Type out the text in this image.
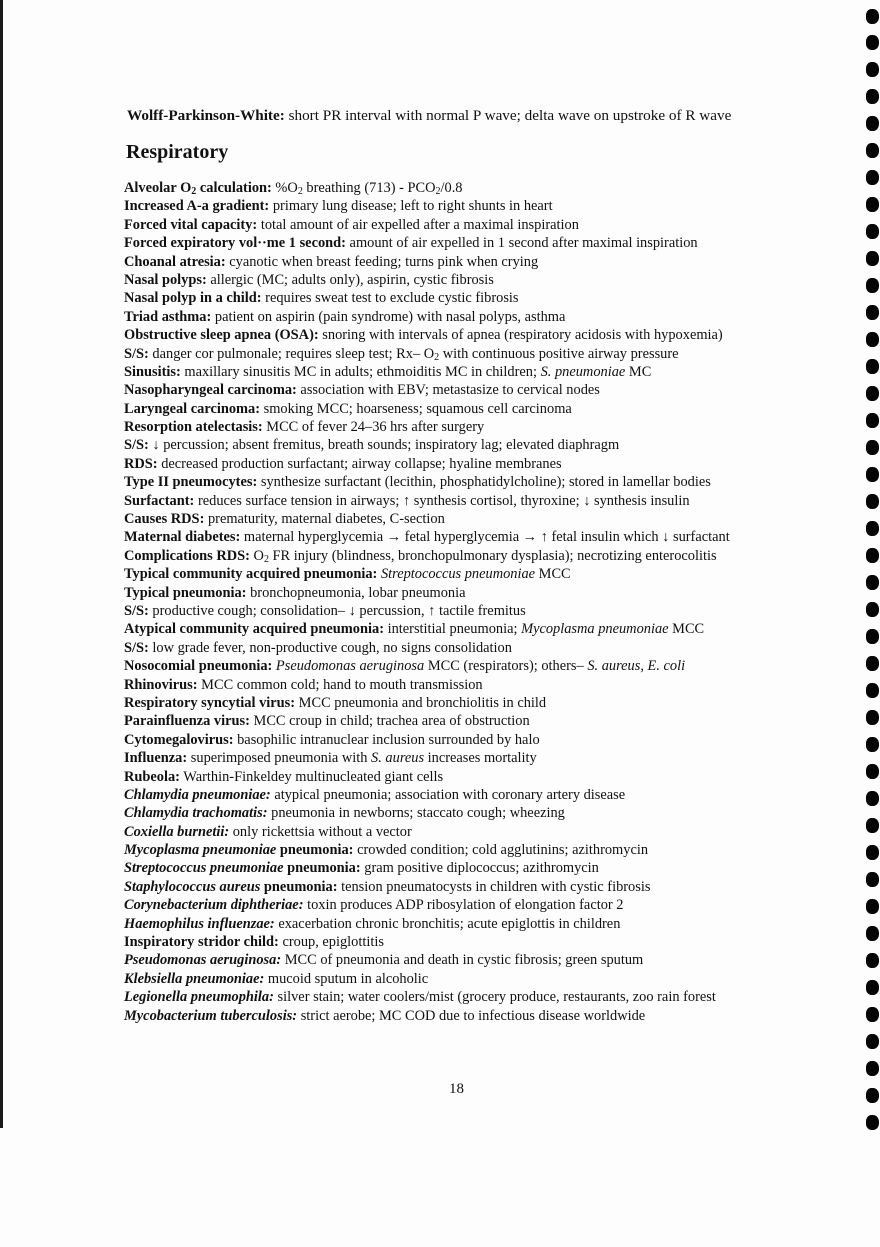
Wolff-Parkinson-White: short PR interval with normal P wave; delta wave on upstroke of R wave
Respiratory
Alveolar $O_2$ calculation: $\%O_2$ breathing $(713) - PCO_2/0.8$
Increased A-a gradient: primary lung disease; left to right shunts in heart
Forced vital capacity: total amount of air expelled after a maximal inspiration
Forced expiratory vol··me 1 second: amount of air expelled in 1 second after maximal inspiration
Choanal atresia: cyanotic when breast feeding; turns pink when crying
Nasal polyps: allergic (MC; adults only), aspirin, cystic fibrosis
Nasal polyp in a child: requires sweat test to exclude cystic fibrosis
Triad asthma: patient on aspirin (pain syndrome) with nasal polyps, asthma
Obstructive sleep apnea (OSA): snoring with intervals of apnea (respiratory acidosis with hypoxemia)
S/S: danger cor pulmonale; requires sleep test; Rx– $O_2$ with continuous positive airway pressure
Sinusitis: maxillary sinusitis MC in adults; ethmoiditis MC in children; S. pneumoniae MC
Nasopharyngeal carcinoma: association with EBV; metastasize to cervical nodes
Laryngeal carcinoma: smoking MCC; hoarseness; squamous cell carcinoma
Resorption atelectasis: MCC of fever 24–36 hrs after surgery
S/S: ↓ percussion; absent fremitus, breath sounds; inspiratory lag; elevated diaphragm
RDS: decreased production surfactant; airway collapse; hyaline membranes
Type II pneumocytes: synthesize surfactant (lecithin, phosphatidylcholine); stored in lamellar bodies
Surfactant: reduces surface tension in airways; ↑ synthesis cortisol, thyroxine; ↓ synthesis insulin
Causes RDS: prematurity, maternal diabetes, C-section
Maternal diabetes: maternal hyperglycemia → fetal hyperglycemia → ↑ fetal insulin which ↓ surfactant
Complications RDS: $O_2$ FR injury (blindness, bronchopulmonary dysplasia); necrotizing enterocolitis
Typical community acquired pneumonia: Streptococcus pneumoniae MCC
Typical pneumonia: bronchopneumonia, lobar pneumonia
S/S: productive cough; consolidation– ↓ percussion, ↑ tactile fremitus
Atypical community acquired pneumonia: interstitial pneumonia; Mycoplasma pneumoniae MCC
S/S: low grade fever, non-productive cough, no signs consolidation
Nosocomial pneumonia: Pseudomonas aeruginosa MCC (respirators); others– S. aureus, E. coli
Rhinovirus: MCC common cold; hand to mouth transmission
Respiratory syncytial virus: MCC pneumonia and bronchiolitis in child
Parainfluenza virus: MCC croup in child; trachea area of obstruction
Cytomegalovirus: basophilic intranuclear inclusion surrounded by halo
Influenza: superimposed pneumonia with S. aureus increases mortality
Rubeola: Warthin-Finkeldey multinucleated giant cells
Chlamydia pneumoniae: atypical pneumonia; association with coronary artery disease
Chlamydia trachomatis: pneumonia in newborns; staccato cough; wheezing
Coxiella burnetii: only rickettsia without a vector
Mycoplasma pneumoniae pneumonia: crowded condition; cold agglutinins; azithromycin
Streptococcus pneumoniae pneumonia: gram positive diplococcus; azithromycin
Staphylococcus aureus pneumonia: tension pneumatocysts in children with cystic fibrosis
Corynebacterium diphtheriae: toxin produces ADP ribosylation of elongation factor 2
Haemophilus influenzae: exacerbation chronic bronchitis; acute epiglottis in children
Inspiratory stridor child: croup, epiglottitis
Pseudomonas aeruginosa: MCC of pneumonia and death in cystic fibrosis; green sputum
Klebsiella pneumoniae: mucoid sputum in alcoholic
Legionella pneumophila: silver stain; water coolers/mist (grocery produce, restaurants, zoo rain forest
Mycobacterium tuberculosis: strict aerobe; MC COD due to infectious disease worldwide
18
